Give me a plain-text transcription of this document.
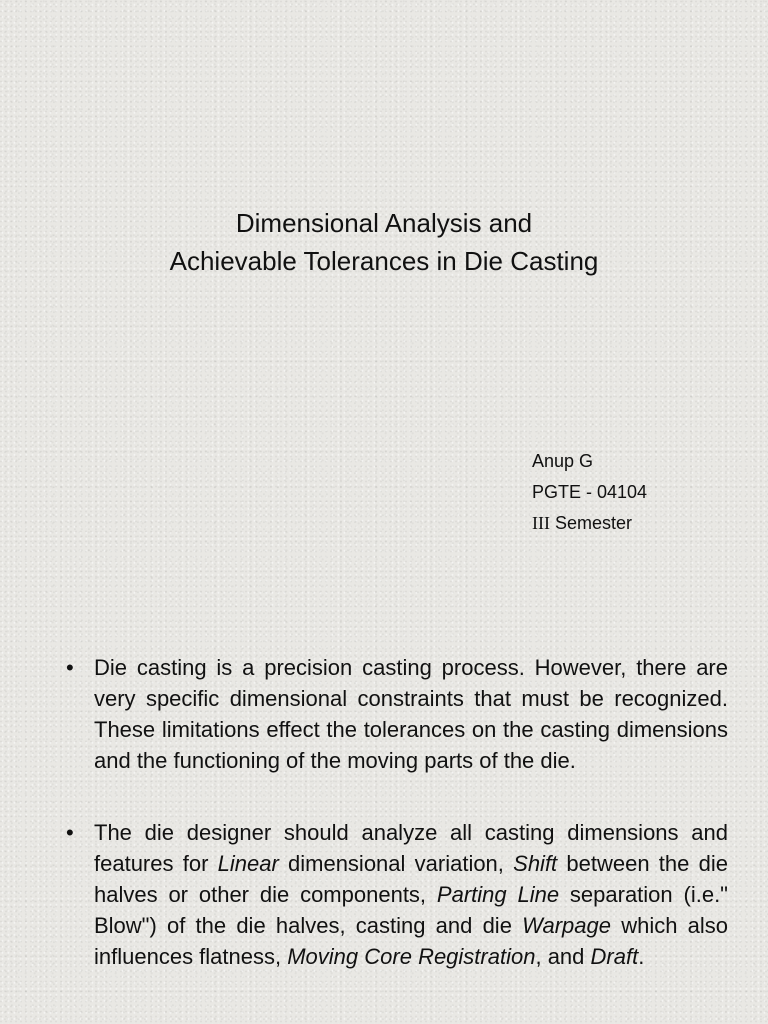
Dimensional Analysis and
Achievable Tolerances in Die Casting
Anup G
PGTE - 04104
III Semester
• Die casting is a precision casting process. However, there are very specific dimensional constraints that must be recognized. These limitations effect the tolerances on the casting dimensions and the functioning of the moving parts of the die.
• The die designer should analyze all casting dimensions and features for Linear dimensional variation, Shift between the die halves or other die components, Parting Line separation (i.e." Blow") of the die halves, casting and die Warpage which also influences flatness, Moving Core Registration, and Draft.
